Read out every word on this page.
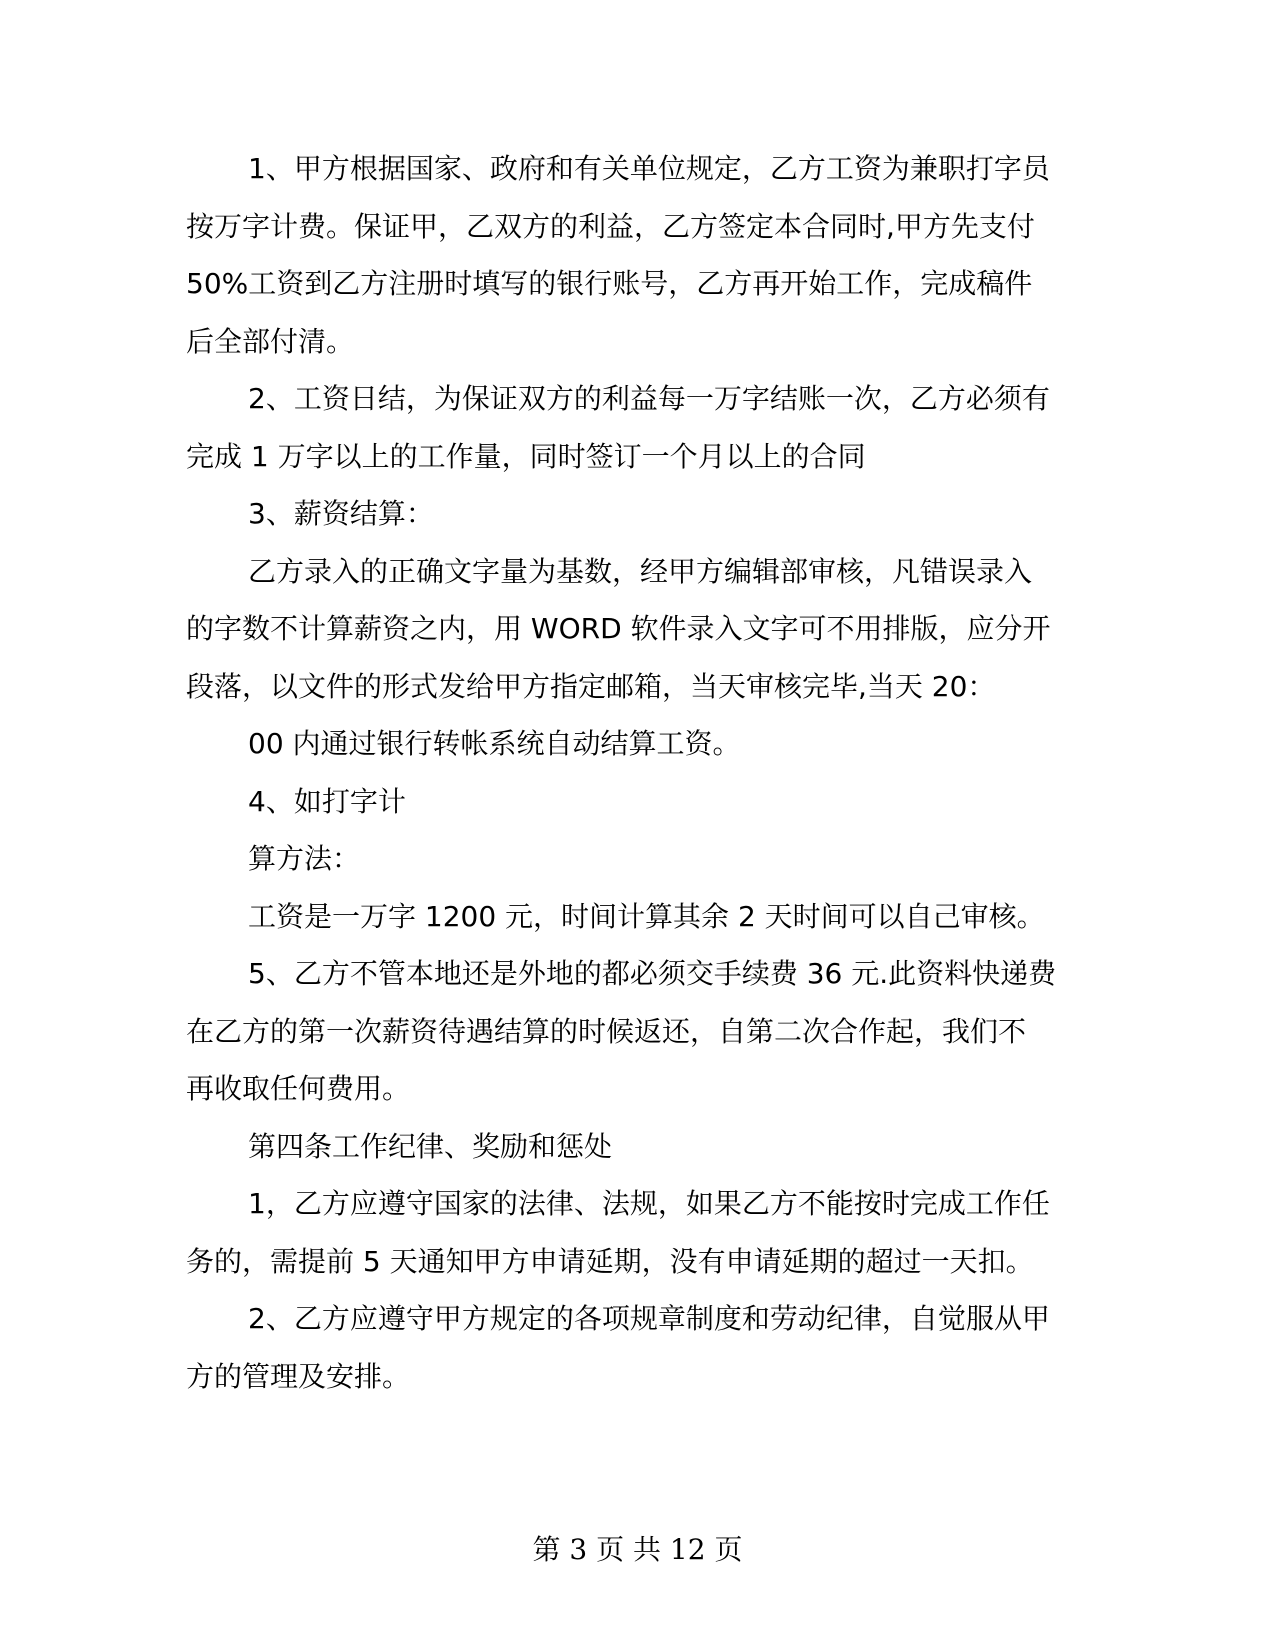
1、甲方根据国家、政府和有关单位规定，乙方工资为兼职打字员
按万字计费。保证甲，乙双方的利益，乙方签定本合同时,甲方先支付
50%工资到乙方注册时填写的银行账号，乙方再开始工作，完成稿件
后全部付清。
2、工资日结，为保证双方的利益每一万字结账一次，乙方必须有
完成 1 万字以上的工作量，同时签订一个月以上的合同
3、薪资结算：
乙方录入的正确文字量为基数，经甲方编辑部审核，凡错误录入
的字数不计算薪资之内，用 WORD 软件录入文字可不用排版，应分开
段落，以文件的形式发给甲方指定邮箱，当天审核完毕,当天 20：
00 内通过银行转帐系统自动结算工资。
4、如打字计
算方法：
工资是一万字 1200 元，时间计算其余 2 天时间可以自己审核。
5、乙方不管本地还是外地的都必须交手续费 36 元.此资料快递费
在乙方的第一次薪资待遇结算的时候返还，自第二次合作起，我们不
再收取任何费用。
第四条工作纪律、奖励和惩处
1，乙方应遵守国家的法律、法规，如果乙方不能按时完成工作任
务的，需提前 5 天通知甲方申请延期，没有申请延期的超过一天扣。
2、乙方应遵守甲方规定的各项规章制度和劳动纪律，自觉服从甲
方的管理及安排。
第 3 页 共 12 页
